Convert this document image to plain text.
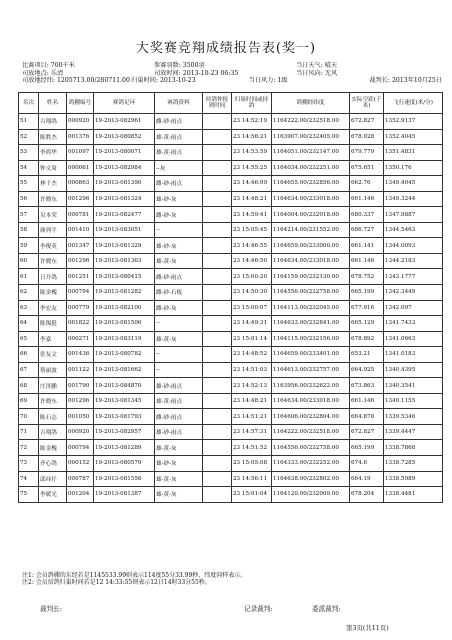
大奖赛竞翔成绩报告表(奖一)
比赛项目: 700千米	参赛羽数: 3500羽	当日天气: 晴天
司放地点: 乐清	司放时间: 2013-10-23 06:35	当日风向: 无风
司放地经纬: 1205713.00/280711.00 归巢时间: 2013-10-23	当日风力: 1级	裁判长: 2013年10月25日
名次	姓名	鸽棚编号	赛鸽足环	赛鸽资料	持鸽钟报到时间	归巢时间或持鸽	鸽棚经纬度	实际空距(千米)	飞行速度(米/分)
51	吉翔鸽	000920	19-2013-082961	雌-砂-雨点		23 14:52:19	1164222.00/232518.00	672.827	1352.9137
52	陈胜杰	001376	19-2013-080852	雄-黄-雨点		23 14:56:21	1163907.00/232405.00	678.028	1352.4045
53	李鸿华	001097	19-2013-080071	雄-黄-雨点		23 14:53:59	1164051.00/232147.00	679.779	1351.4831
54	钟文周	000061	19-2013-082984	--灰		23 14:55:25	1164034.00/232251.00	675.651	1350.176
55	林千杰	000863	19-2013-081390	雌-砂-雨点		23 14:46:09	1164655.00/232856.00	662.76	1349.4045
56	许晓东	001296	19-2013-081324	雄-砂-灰		23 14:48:21	1164634.00/233018.00	661.146	1349.3244
57	吴本荣	000781	19-2013-082477	雌-砂-灰		23 14:59:41	1164004.00/232018.00	680.337	1347.9887
58	颜列平	001410	19-2013-083051	--		23 15:05:45	1164214.00/231552.00	686.727	1344.5463
59	李俊英	001347	19-2013-081329	雄-砂-灰		23 14:46:55	1164659.00/233000.00	661.141	1344.0093
60	许晓东	001296	19-2013-081363	雄-黄-灰		23 14:46:50	1164634.00/233018.00	661.146	1344.2183
61	日升鸽	001251	19-2013-080415	雌-砂-雨点		23 15:00:20	1164159.00/232130.00	678.752	1343.1777
62	陈金槐	000794	19-2013-081282	雌-砂-石板		23 14:50:30	1164556.00/232758.00	665.199	1342.3449
63	李宏友	000779	19-2013-082100	雌-砂-灰		23 15:00:07	1164113.00/232045.00	677.916	1342.097
64	陈锡挺	001822	19-2013-081506	--		23 14:49:31	1164633.00/232841.00	665.129	1341.7433
65	李嘉	000271	19-2013-083119	雄-黄-灰		23 15:01:14	1164115.00/232156.00	678.892	1341.0663
66	张友文	001436	19-2013-080782	--		23 14:48:52	1164659.00/233401.00	653.21	1341.0183
67	蔡丽波	001122	19-2013-081662	--		23 14:51:03	1164613.00/232757.00	664.925	1340.4395
68	庄泽鹏	001790	19-2013-084870	雄-砂-雨点		23 14:52:13	1163956.00/232622.00	673.863	1340.3541
69	许晓东	001296	19-2013-081345	雄-黄-雨点		23 14:48:21	1164634.00/233018.00	661.146	1340.1155
70	陈石志	001050	19-2013-081793	雌-砂-雨点		23 14:51:21	1164606.00/232804.00	664.878	1339.5346
71	吉翔鸽	000920	19-2013-082957	雄-砂-雨点		23 14:57:31	1164222.00/232518.00	672.827	1339.4447
72	陈金槐	000794	19-2013-081289	雄-黄-灰		23 14:51:52	1164556.00/232758.00	665.199	1338.7868
73	齐心鸽	000152	19-2013-080570	雄-砂-灰		23 15:05:08	1164333.00/232252.00	674.6	1338.7285
74	邱祎仔	000787	19-2013-081556	雄-黄-灰		23 14:56:11	1164638.00/232802.00	664.19	1338.5989
75	李媛光	001204	19-2013-081387	雄-黄-灰		23 15:01:04	1164120.00/232009.00	678.204	1338.4481
注1: 会员鸽棚的东经若是1145533.99则表示114度55分33.99秒，纬度同样表示。
注2: 会员信鸽归巢时间若是12 14:33:55则表示12日14时33分55秒。
裁判长:	记录裁判:	委派裁判:
第3页(共11页)
